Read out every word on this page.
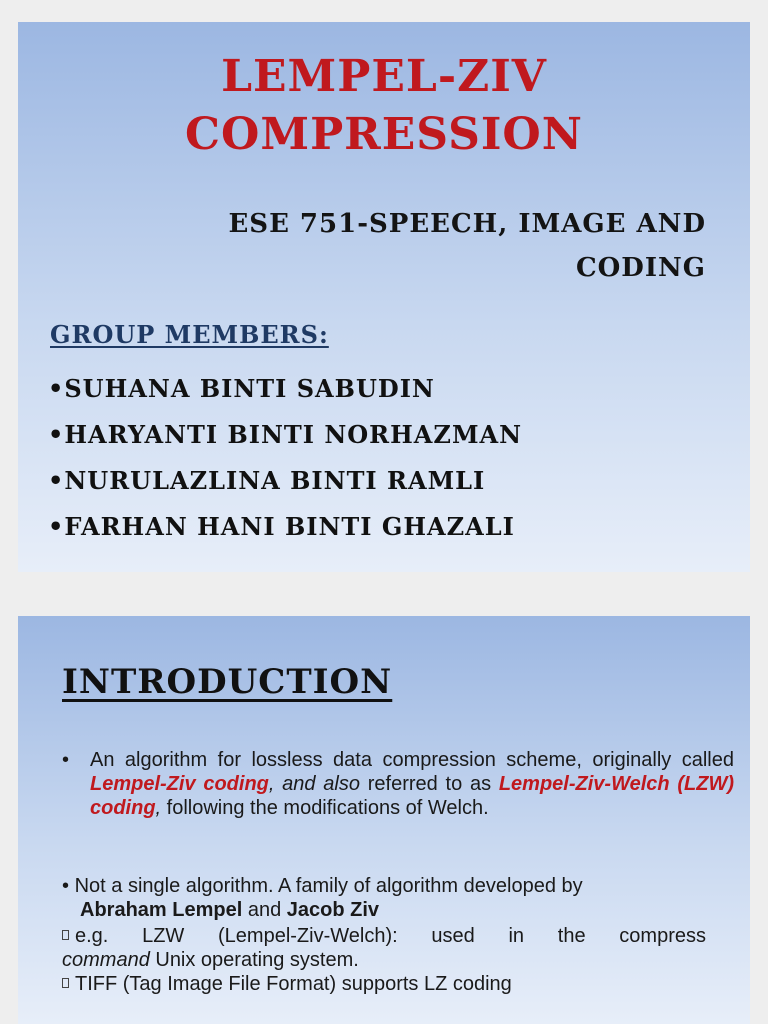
LEMPEL-ZIV
COMPRESSION
ESE 751-SPEECH, IMAGE AND
CODING
GROUP MEMBERS:
•SUHANA BINTI SABUDIN
•HARYANTI BINTI NORHAZMAN
•NURULAZLINA BINTI RAMLI
•FARHAN HANI BINTI GHAZALI
INTRODUCTION
• An algorithm for lossless data compression scheme, originally called Lempel-Ziv coding, and also referred to as Lempel-Ziv-Welch (LZW) coding, following the modifications of Welch.
• Not a single algorithm. A family of algorithm developed by
Abraham Lempel and Jacob Ziv
e.g. LZW (Lempel-Ziv-Welch): used in the compress
command Unix operating system.
TIFF (Tag Image File Format) supports LZ coding
